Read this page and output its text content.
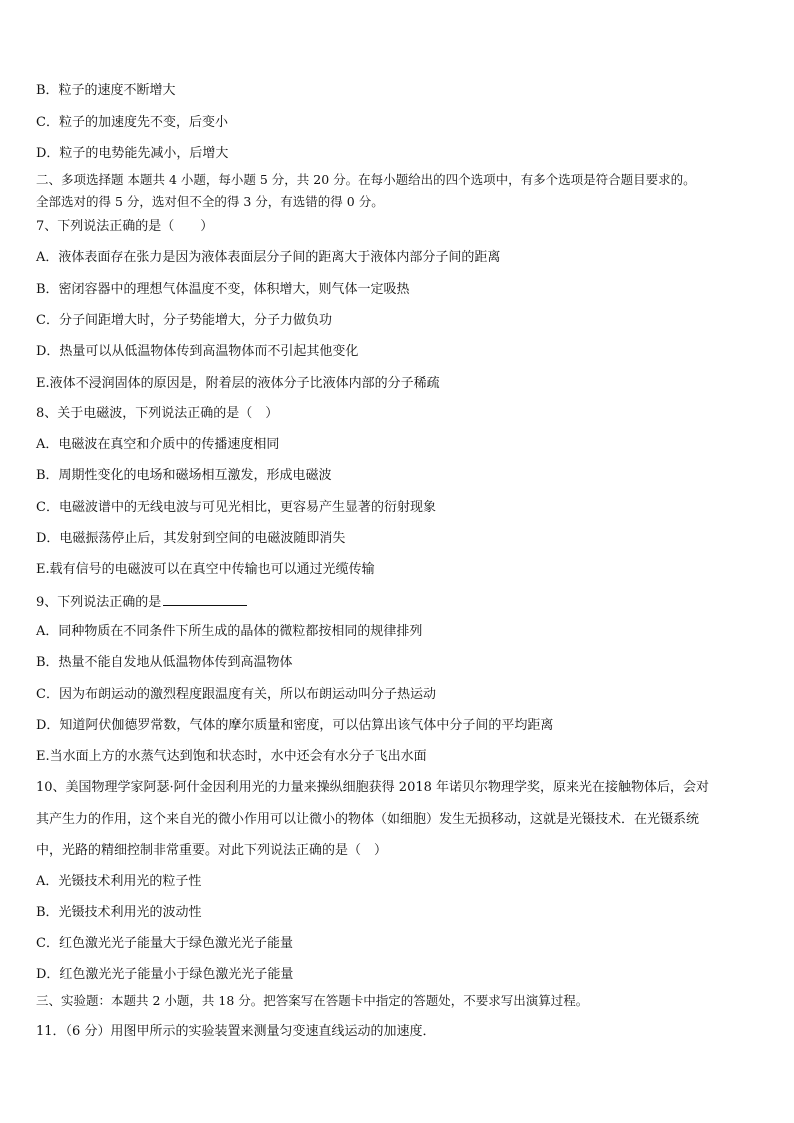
B．粒子的速度不断增大
C．粒子的加速度先不变，后变小
D．粒子的电势能先减小，后增大
二、多项选择题 本题共 4 小题，每小题 5 分，共 20 分。在每小题给出的四个选项中，有多个选项是符合题目要求的。
全部选对的得 5 分，选对但不全的得 3 分，有选错的得 0 分。
7、下列说法正确的是（　　）
A．液体表面存在张力是因为液体表面层分子间的距离大于液体内部分子间的距离
B．密闭容器中的理想气体温度不变，体积增大，则气体一定吸热
C．分子间距增大时，分子势能增大，分子力做负功
D．热量可以从低温物体传到高温物体而不引起其他变化
E.液体不浸润固体的原因是，附着层的液体分子比液体内部的分子稀疏
8、关于电磁波，下列说法正确的是（　）
A．电磁波在真空和介质中的传播速度相同
B．周期性变化的电场和磁场相互激发，形成电磁波
C．电磁波谱中的无线电波与可见光相比，更容易产生显著的衍射现象
D．电磁振荡停止后，其发射到空间的电磁波随即消失
E.载有信号的电磁波可以在真空中传输也可以通过光缆传输
9、下列说法正确的是
A．同种物质在不同条件下所生成的晶体的微粒都按相同的规律排列
B．热量不能自发地从低温物体传到高温物体
C．因为布朗运动的激烈程度跟温度有关，所以布朗运动叫分子热运动
D．知道阿伏伽德罗常数，气体的摩尔质量和密度，可以估算出该气体中分子间的平均距离
E.当水面上方的水蒸气达到饱和状态时，水中还会有水分子飞出水面
10、美国物理学家阿瑟·阿什金因利用光的力量来操纵细胞获得 2018 年诺贝尔物理学奖，原来光在接触物体后，会对
其产生力的作用，这个来自光的微小作用可以让微小的物体（如细胞）发生无损移动，这就是光镊技术．在光镊系统
中，光路的精细控制非常重要。对此下列说法正确的是（　）
A．光镊技术利用光的粒子性
B．光镊技术利用光的波动性
C．红色激光光子能量大于绿色激光光子能量
D．红色激光光子能量小于绿色激光光子能量
三、实验题：本题共 2 小题，共 18 分。把答案写在答题卡中指定的答题处，不要求写出演算过程。
11．（6 分）用图甲所示的实验装置来测量匀变速直线运动的加速度．
